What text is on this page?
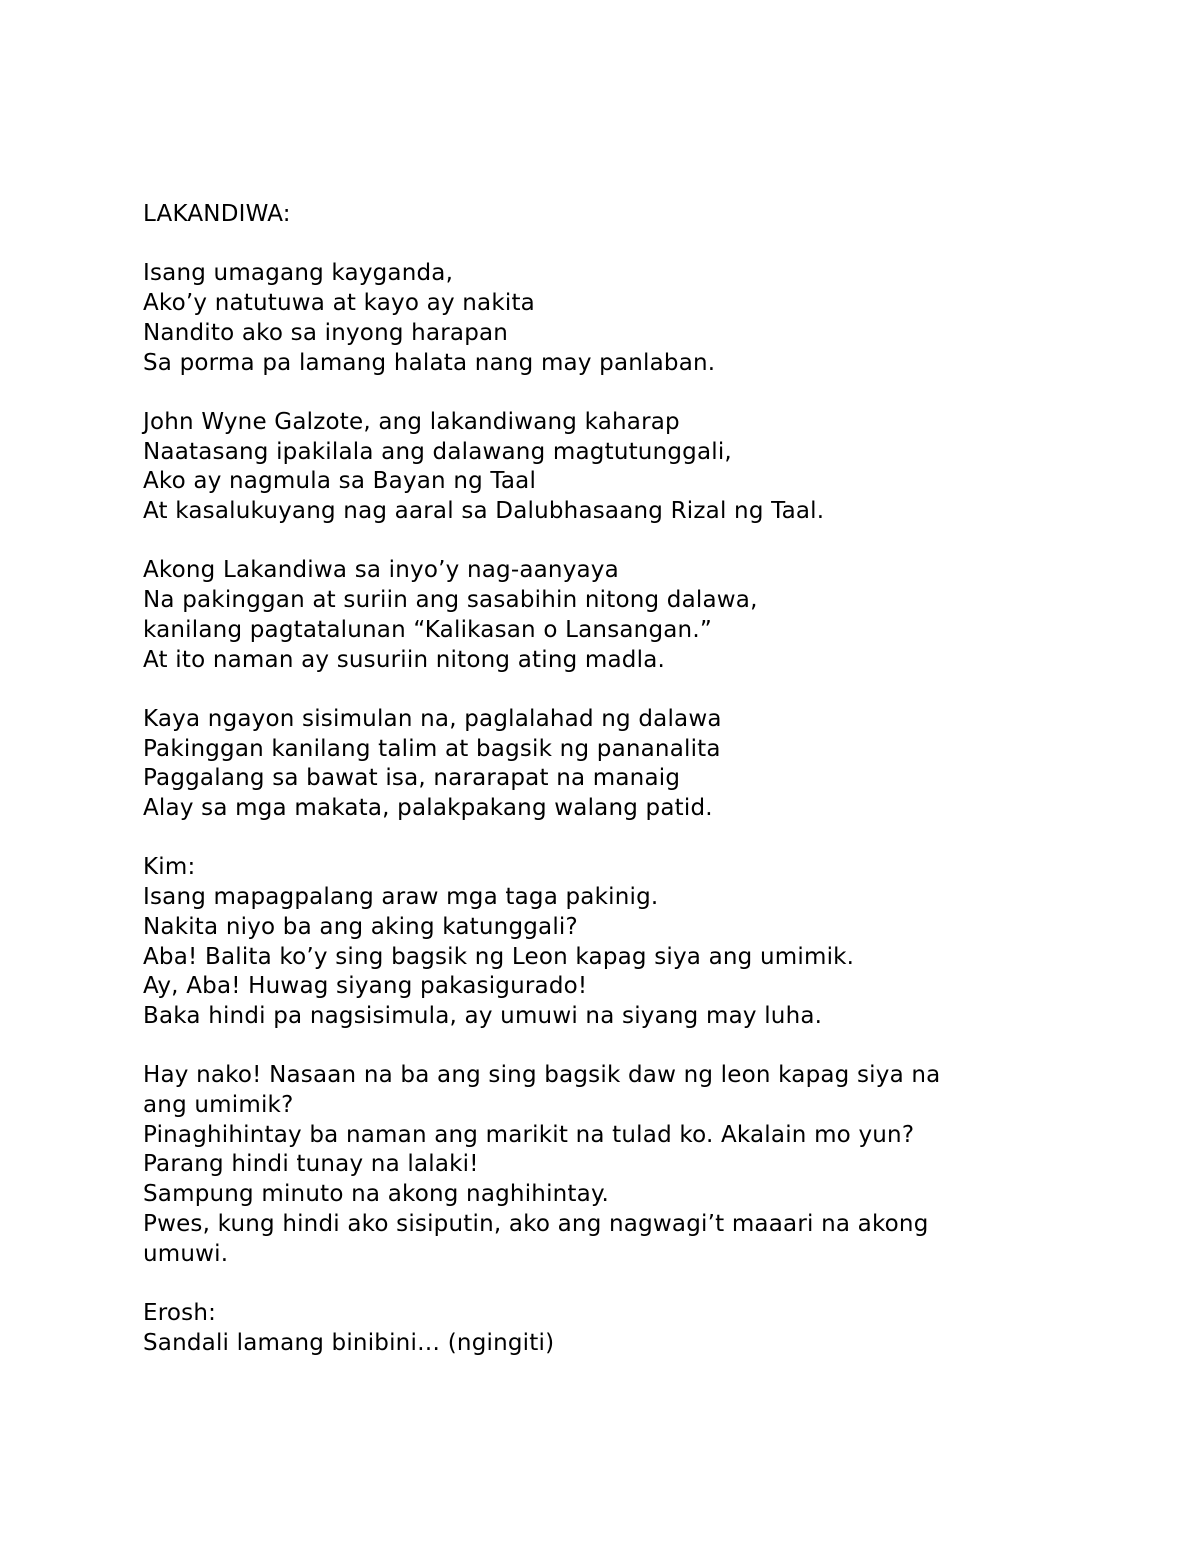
LAKANDIWA:
Isang umagang kayganda,
Ako’y natutuwa at kayo ay nakita
Nandito ako sa inyong harapan
Sa porma pa lamang halata nang may panlaban.
John Wyne Galzote, ang lakandiwang kaharap
Naatasang ipakilala ang dalawang magtutunggali,
Ako ay nagmula sa Bayan ng Taal
At kasalukuyang nag aaral sa Dalubhasaang Rizal ng Taal.
Akong Lakandiwa sa inyo’y nag-aanyaya
Na pakinggan at suriin ang sasabihin nitong dalawa,
kanilang pagtatalunan “Kalikasan o Lansangan.”
At ito naman ay susuriin nitong ating madla.
Kaya ngayon sisimulan na, paglalahad ng dalawa
Pakinggan kanilang talim at bagsik ng pananalita
Paggalang sa bawat isa, nararapat na manaig
Alay sa mga makata, palakpakang walang patid.
Kim:
Isang mapagpalang araw mga taga pakinig.
Nakita niyo ba ang aking katunggali?
Aba! Balita ko’y sing bagsik ng Leon kapag siya ang umimik.
Ay, Aba! Huwag siyang pakasigurado!
Baka hindi pa nagsisimula, ay umuwi na siyang may luha.
Hay nako! Nasaan na ba ang sing bagsik daw ng leon kapag siya na
ang umimik?
Pinaghihintay ba naman ang marikit na tulad ko. Akalain mo yun?
Parang hindi tunay na lalaki!
Sampung minuto na akong naghihintay.
Pwes, kung hindi ako sisiputin, ako ang nagwagi’t maaari na akong
umuwi.
Erosh:
Sandali lamang binibini… (ngingiti)
